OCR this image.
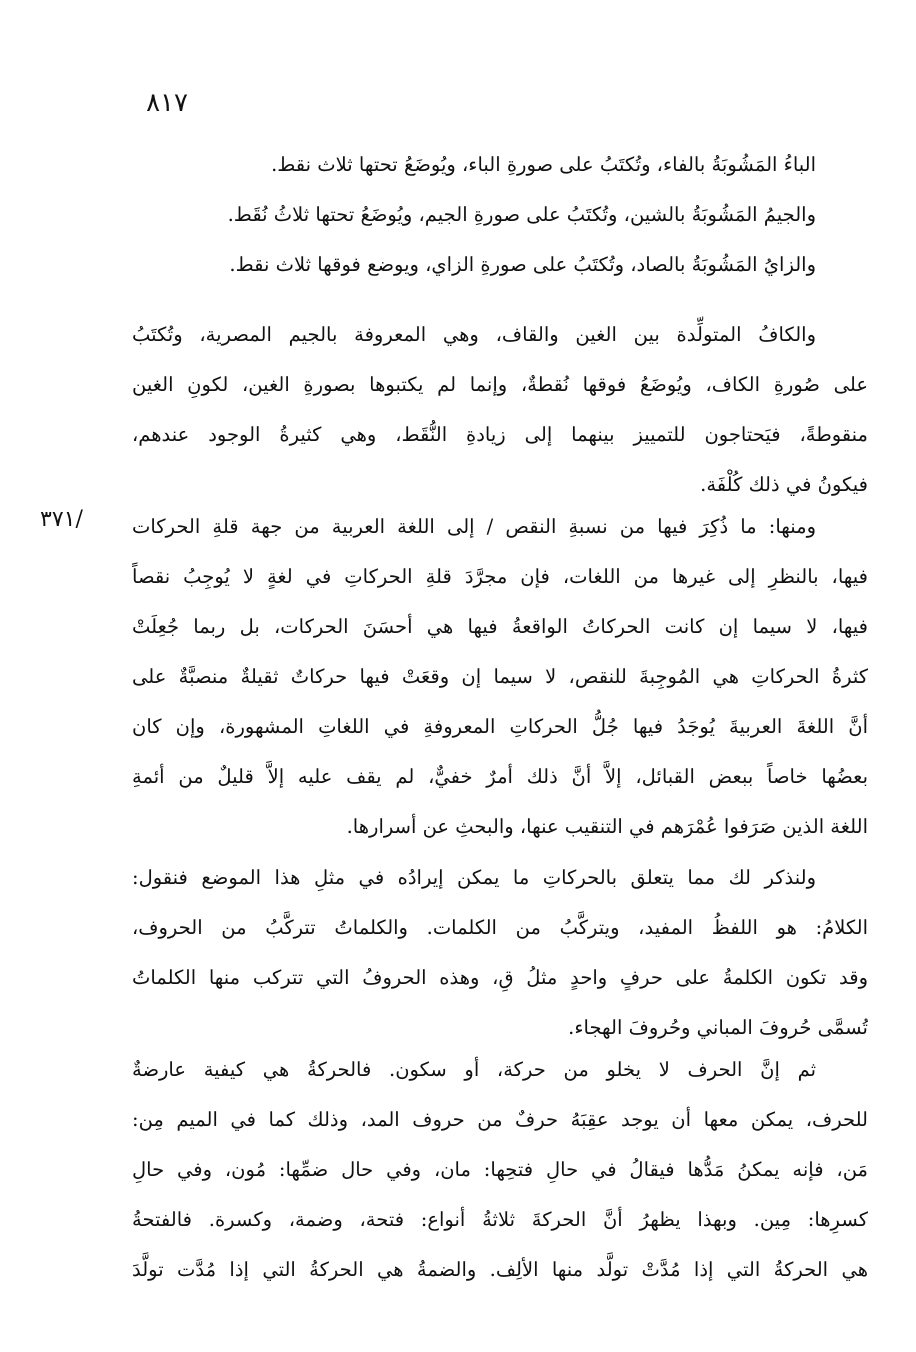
٨١٧
/٣٧١
الباءُ المَشُوبَةُ بالفاء، وتُكتَبُ على صورةِ الباء، ويُوضَعُ تحتها ثلاث نقط.
والجيمُ المَشُوبَةُ بالشين، وتُكتَبُ على صورةِ الجيم، ويُوضَعُ تحتها ثلاثُ نُقَط.
والزايُ المَشُوبَةُ بالصاد، وتُكتَبُ على صورةِ الزاي، ويوضع فوقها ثلاث نقط.
والكافُ المتولِّدة بين الغين والقاف، وهي المعروفة بالجيم المصرية، وتُكتَبُ
على صُورةِ الكاف، ويُوضَعُ فوقها نُقطةٌ، وإنما لم يكتبوها بصورةِ الغين، لكونِ الغين
منقوطةً، فيَحتاجون للتمييز بينهما إلى زيادةِ النُّقَط، وهي كثيرةُ الوجود عندهم،
فيكونُ في ذلك كُلْفَة.
ومنها: ما ذُكِرَ فيها من نسبةِ النقص / إلى اللغة العربية من جهة قلةِ الحركات
فيها، بالنظرِ إلى غيرها من اللغات، فإن مجرَّدَ قلةِ الحركاتِ في لغةٍ لا يُوجِبُ نقصاً
فيها، لا سيما إن كانت الحركاتُ الواقعةُ فيها هي أحسَنَ الحركات، بل ربما جُعِلَتْ
كثرةُ الحركاتِ هي المُوجِبةَ للنقص، لا سيما إن وقعَتْ فيها حركاتٌ ثقيلةٌ منصبَّةٌ على
أنَّ اللغةَ العربيةَ يُوجَدُ فيها جُلُّ الحركاتِ المعروفةِ في اللغاتِ المشهورة، وإن كان
بعضُها خاصاً ببعض القبائل، إلاَّ أنَّ ذلك أمرٌ خفيٌّ، لم يقف عليه إلاَّ قليلٌ من أئمةِ
اللغة الذين صَرَفوا عُمْرَهم في التنقيب عنها، والبحثِ عن أسرارها.
ولنذكر لك مما يتعلق بالحركاتِ ما يمكن إيرادُه في مثلِ هذا الموضع فنقول:
الكلامُ: هو اللفظُ المفيد، ويتركَّبُ من الكلمات. والكلماتُ تتركَّبُ من الحروف،
وقد تكون الكلمةُ على حرفٍ واحدٍ مثلُ قِ، وهذه الحروفُ التي تتركب منها الكلماتُ
تُسمَّى حُروفَ المباني وحُروفَ الهجاء.
ثم إنَّ الحرف لا يخلو من حركة، أو سكون. فالحركةُ هي كيفية عارضةٌ
للحرف، يمكن معها أن يوجد عقِبَهُ حرفٌ من حروف المد، وذلك كما في الميم مِن:
مَن، فإنه يمكنُ مَدُّها فيقالُ في حالِ فتحِها: مان، وفي حال ضمِّها: مُون، وفي حالِ
كسرِها: مِين. وبهذا يظهرُ أنَّ الحركةَ ثلاثةُ أنواع: فتحة، وضمة، وكسرة. فالفتحةُ
هي الحركةُ التي إذا مُدَّتْ تولَّد منها الألِف. والضمةُ هي الحركةُ التي إذا مُدَّت تولَّدَ
